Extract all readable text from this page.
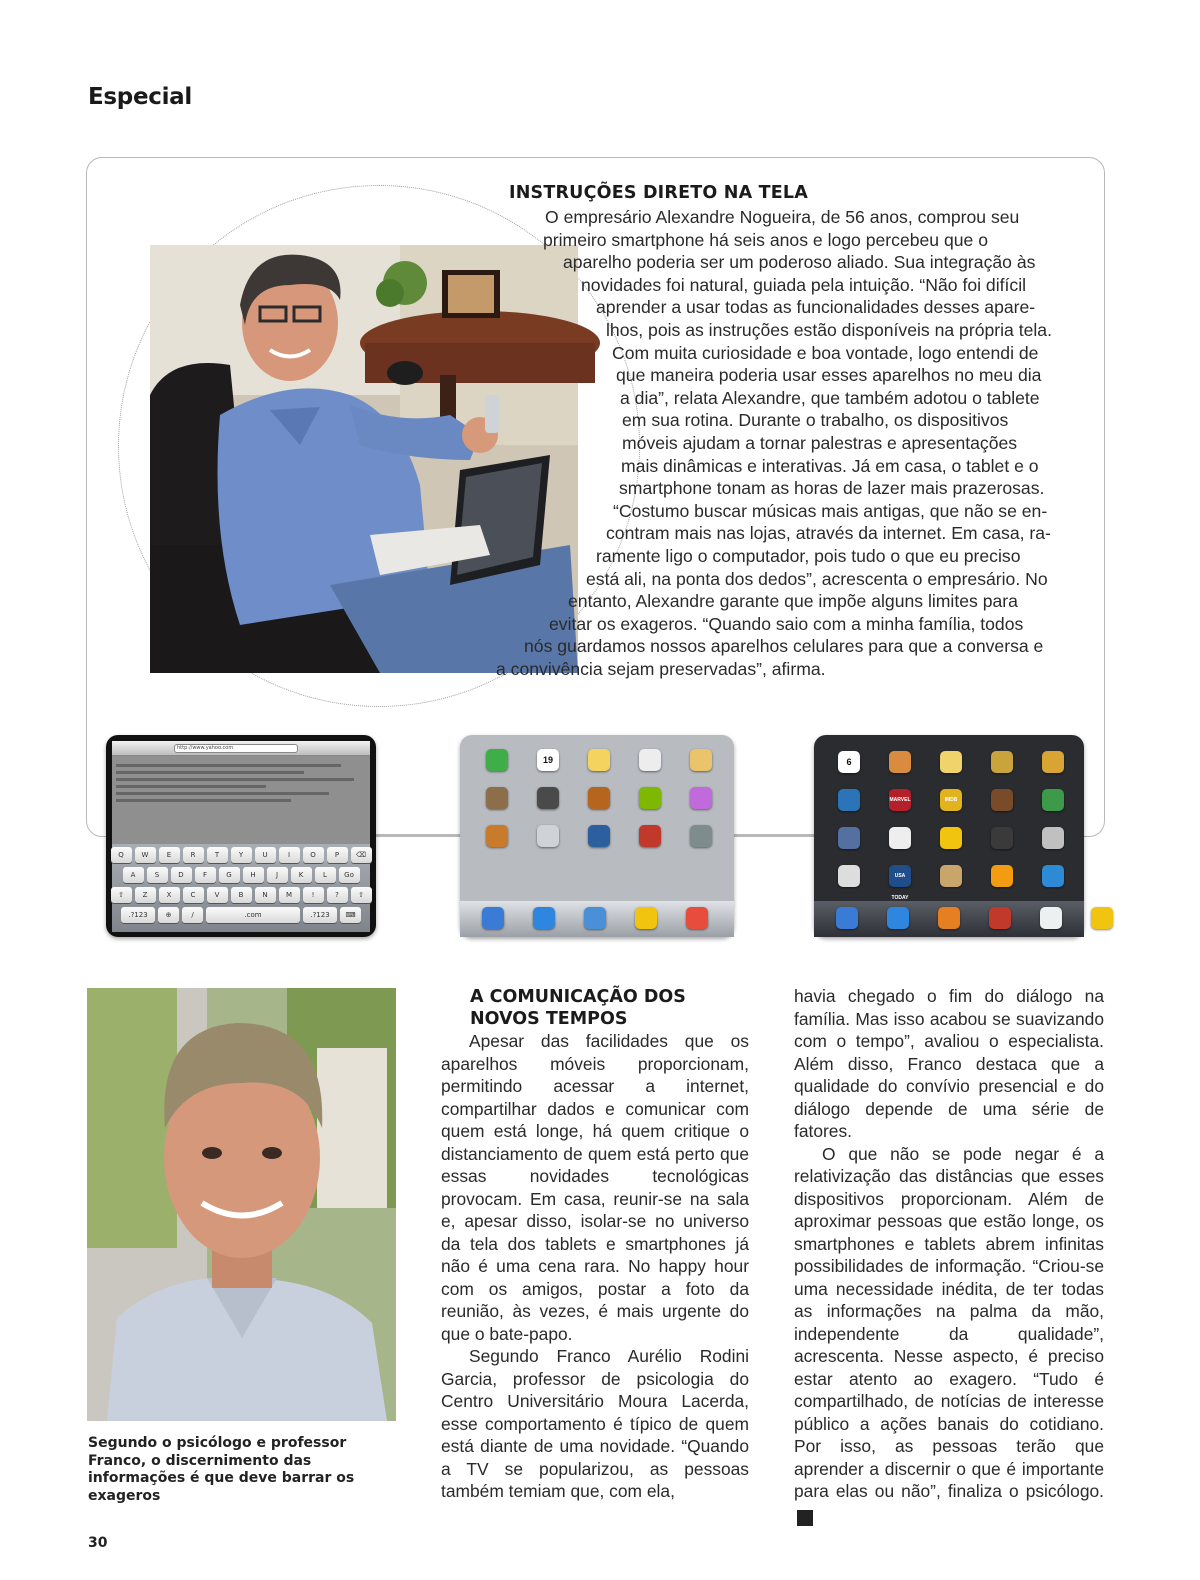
Especial
INSTRUÇÕES DIRETO NA TELA
O empresário Alexandre Nogueira, de 56 anos, comprou seu
primeiro smartphone há seis anos e logo percebeu que o
aparelho poderia ser um poderoso aliado. Sua integração às
novidades foi natural, guiada pela intuição. “Não foi difícil
aprender a usar todas as funcionalidades desses apare-
lhos, pois as instruções estão disponíveis na própria tela.
Com muita curiosidade e boa vontade, logo entendi de
que maneira poderia usar esses aparelhos no meu dia
a dia”, relata Alexandre, que também adotou o tablete
em sua rotina. Durante o trabalho, os dispositivos
móveis ajudam a tornar palestras e apresentações
mais dinâmicas e interativas. Já em casa, o tablet e o
smartphone tonam as horas de lazer mais prazerosas.
“Costumo buscar músicas mais antigas, que não se en-
contram mais nas lojas, através da internet. Em casa, ra-
ramente ligo o computador, pois tudo o que eu preciso
está ali, na ponta dos dedos”, acrescenta o empresário. No
entanto, Alexandre garante que impõe alguns limites para
evitar os exageros. “Quando saio com a minha família, todos
nós guardamos nossos aparelhos celulares para que a conversa e
a convivência sejam preservadas”, afirma.
http://www.yahoo.com
Q	W	E	R	T	Y	U	I	O	P	⌫
A	S	D	F	G	H	J	K	L	Go
⇧	Z	X	C	V	B	N	M	!	?	⇧
.?123	⊕	/	.com	.?123	⌨
19	6
MARVEL	IMDB
USA TODAY
Segundo o psicólogo e professor Franco, o discernimento das informações é que deve barrar os exageros
A COMUNICAÇÃO DOS NOVOS TEMPOS

Apesar das facilidades que os aparelhos móveis proporcionam, permitindo acessar a internet, compartilhar dados e comunicar com quem está longe, há quem critique o distanciamento de quem está perto que essas novidades tecnológicas provocam. Em casa, reunir-se na sala e, apesar disso, isolar-se no universo da tela dos tablets e smartphones já não é uma cena rara. No happy hour com os amigos, postar a foto da reunião, às vezes, é mais urgente do que o bate-papo.

Segundo Franco Aurélio Rodini Garcia, professor de psicologia do Centro Universitário Moura Lacerda, esse comportamento é típico de quem está diante de uma novidade. “Quando a TV se popularizou, as pessoas também temiam que, com ela,

havia chegado o fim do diálogo na família. Mas isso acabou se suavizando com o tempo”, avaliou o especialista. Além disso, Franco destaca que a qualidade do convívio presencial e do diálogo depende de uma série de fatores.

O que não se pode negar é a relativização das distâncias que esses dispositivos proporcionam. Além de aproximar pessoas que estão longe, os smartphones e tablets abrem infinitas possibilidades de informação. “Criou-se uma necessidade inédita, de ter todas as informações na palma da mão, independente da qualidade”, acrescenta. Nesse aspecto, é preciso estar atento ao exagero. “Tudo é compartilhado, de notícias de interesse público a ações banais do cotidiano. Por isso, as pessoas terão que aprender a discernir o que é importante para elas ou não”, finaliza o psicólogo.r

30
